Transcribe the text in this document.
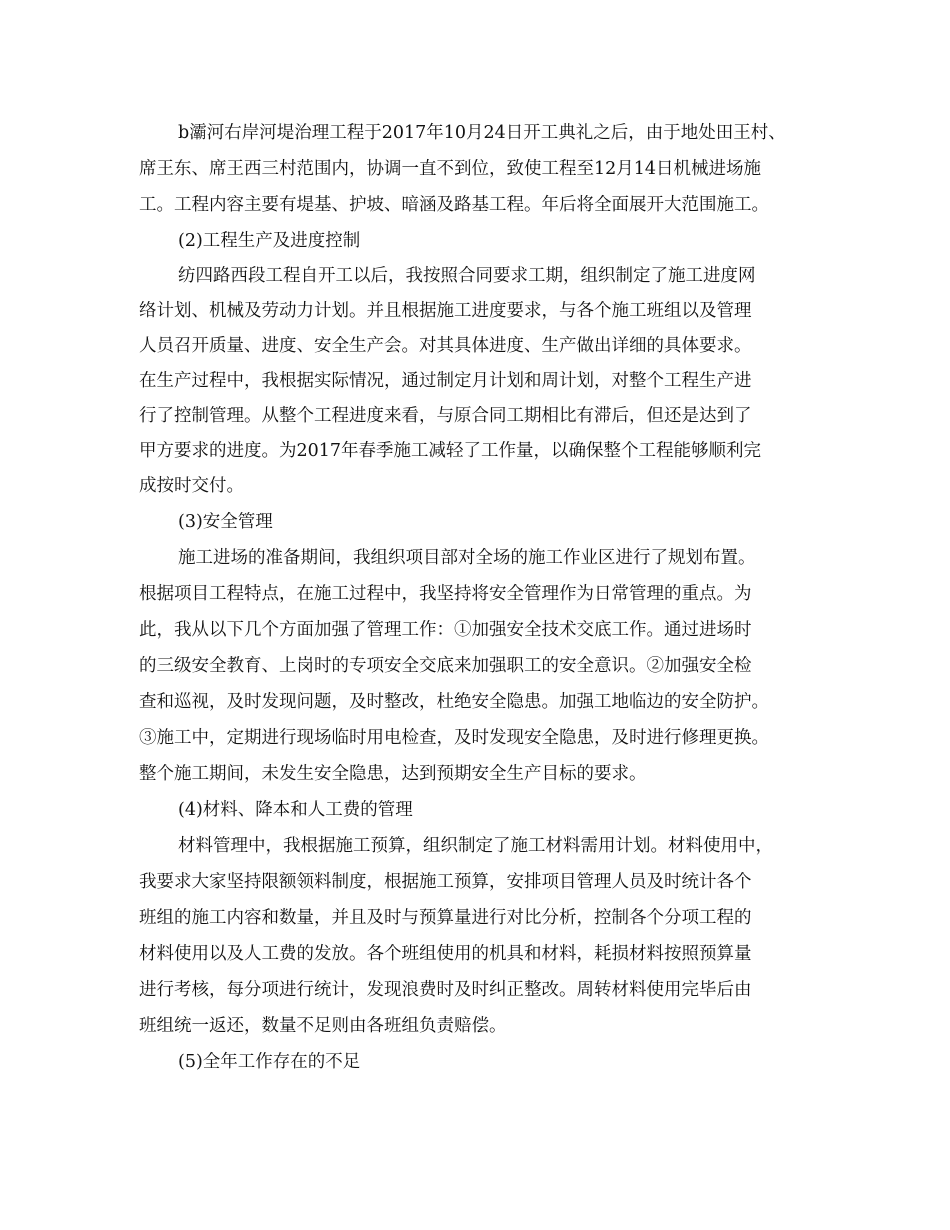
b灞河右岸河堤治理工程于2017年10月24日开工典礼之后，由于地处田王村、
席王东、席王西三村范围内，协调一直不到位，致使工程至12月14日机械进场施
工。工程内容主要有堤基、护坡、暗涵及路基工程。年后将全面展开大范围施工。
(2)工程生产及进度控制
纺四路西段工程自开工以后，我按照合同要求工期，组织制定了施工进度网
络计划、机械及劳动力计划。并且根据施工进度要求，与各个施工班组以及管理
人员召开质量、进度、安全生产会。对其具体进度、生产做出详细的具体要求。
在生产过程中，我根据实际情况，通过制定月计划和周计划，对整个工程生产进
行了控制管理。从整个工程进度来看，与原合同工期相比有滞后，但还是达到了
甲方要求的进度。为2017年春季施工减轻了工作量，以确保整个工程能够顺利完
成按时交付。
(3)安全管理
施工进场的准备期间，我组织项目部对全场的施工作业区进行了规划布置。
根据项目工程特点，在施工过程中，我坚持将安全管理作为日常管理的重点。为
此，我从以下几个方面加强了管理工作：①加强安全技术交底工作。通过进场时
的三级安全教育、上岗时的专项安全交底来加强职工的安全意识。②加强安全检
查和巡视，及时发现问题，及时整改，杜绝安全隐患。加强工地临边的安全防护。
③施工中，定期进行现场临时用电检查，及时发现安全隐患，及时进行修理更换。
整个施工期间，未发生安全隐患，达到预期安全生产目标的要求。
(4)材料、降本和人工费的管理
材料管理中，我根据施工预算，组织制定了施工材料需用计划。材料使用中，
我要求大家坚持限额领料制度，根据施工预算，安排项目管理人员及时统计各个
班组的施工内容和数量，并且及时与预算量进行对比分析，控制各个分项工程的
材料使用以及人工费的发放。各个班组使用的机具和材料，耗损材料按照预算量
进行考核，每分项进行统计，发现浪费时及时纠正整改。周转材料使用完毕后由
班组统一返还，数量不足则由各班组负责赔偿。
(5)全年工作存在的不足
